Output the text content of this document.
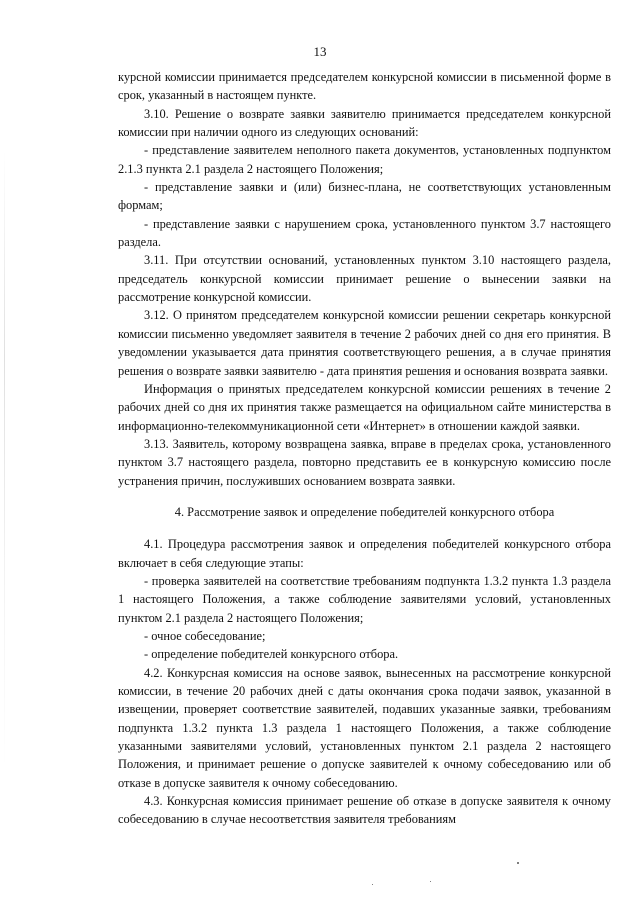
13

курсной комиссии принимается председателем конкурсной комиссии в письменной форме в срок, указанный в настоящем пункте.

3.10. Решение о возврате заявки заявителю принимается председателем конкурсной комиссии при наличии одного из следующих оснований:

- представление заявителем неполного пакета документов, установленных подпунктом 2.1.3 пункта 2.1 раздела 2 настоящего Положения;

- представление заявки и (или) бизнес-плана, не соответствующих установленным формам;

- представление заявки с нарушением срока, установленного пунктом 3.7 настоящего раздела.

3.11. При отсутствии оснований, установленных пунктом 3.10 настоящего раздела, председатель конкурсной комиссии принимает решение о вынесении заявки на рассмотрение конкурсной комиссии.

3.12. О принятом председателем конкурсной комиссии решении секретарь конкурсной комиссии письменно уведомляет заявителя в течение 2 рабочих дней со дня его принятия. В уведомлении указывается дата принятия соответствующего решения, а в случае принятия решения о возврате заявки заявителю - дата принятия решения и основания возврата заявки.

Информация о принятых председателем конкурсной комиссии решениях в течение 2 рабочих дней со дня их принятия также размещается на официальном сайте министерства в информационно-телекоммуникационной сети «Интернет» в отношении каждой заявки.

3.13. Заявитель, которому возвращена заявка, вправе в пределах срока, установленного пунктом 3.7 настоящего раздела, повторно представить ее в конкурсную комиссию после устранения причин, послуживших основанием возврата заявки.

4. Рассмотрение заявок и определение победителей конкурсного отбора

4.1. Процедура рассмотрения заявок и определения победителей конкурсного отбора включает в себя следующие этапы:

- проверка заявителей на соответствие требованиям подпункта 1.3.2 пункта 1.3 раздела 1 настоящего Положения, а также соблюдение заявителями условий, установленных пунктом 2.1 раздела 2 настоящего Положения;

- очное собеседование;

- определение победителей конкурсного отбора.

4.2. Конкурсная комиссия на основе заявок, вынесенных на рассмотрение конкурсной комиссии, в течение 20 рабочих дней с даты окончания срока подачи заявок, указанной в извещении, проверяет соответствие заявителей, подавших указанные заявки, требованиям подпункта 1.3.2 пункта 1.3 раздела 1 настоящего Положения, а также соблюдение указанными заявителями условий, установленных пунктом 2.1 раздела 2 настоящего Положения, и принимает решение о допуске заявителей к очному собеседованию или об отказе в допуске заявителя к очному собеседованию.

4.3. Конкурсная комиссия принимает решение об отказе в допуске заявителя к очному собеседованию в случае несоответствия заявителя требованиям
